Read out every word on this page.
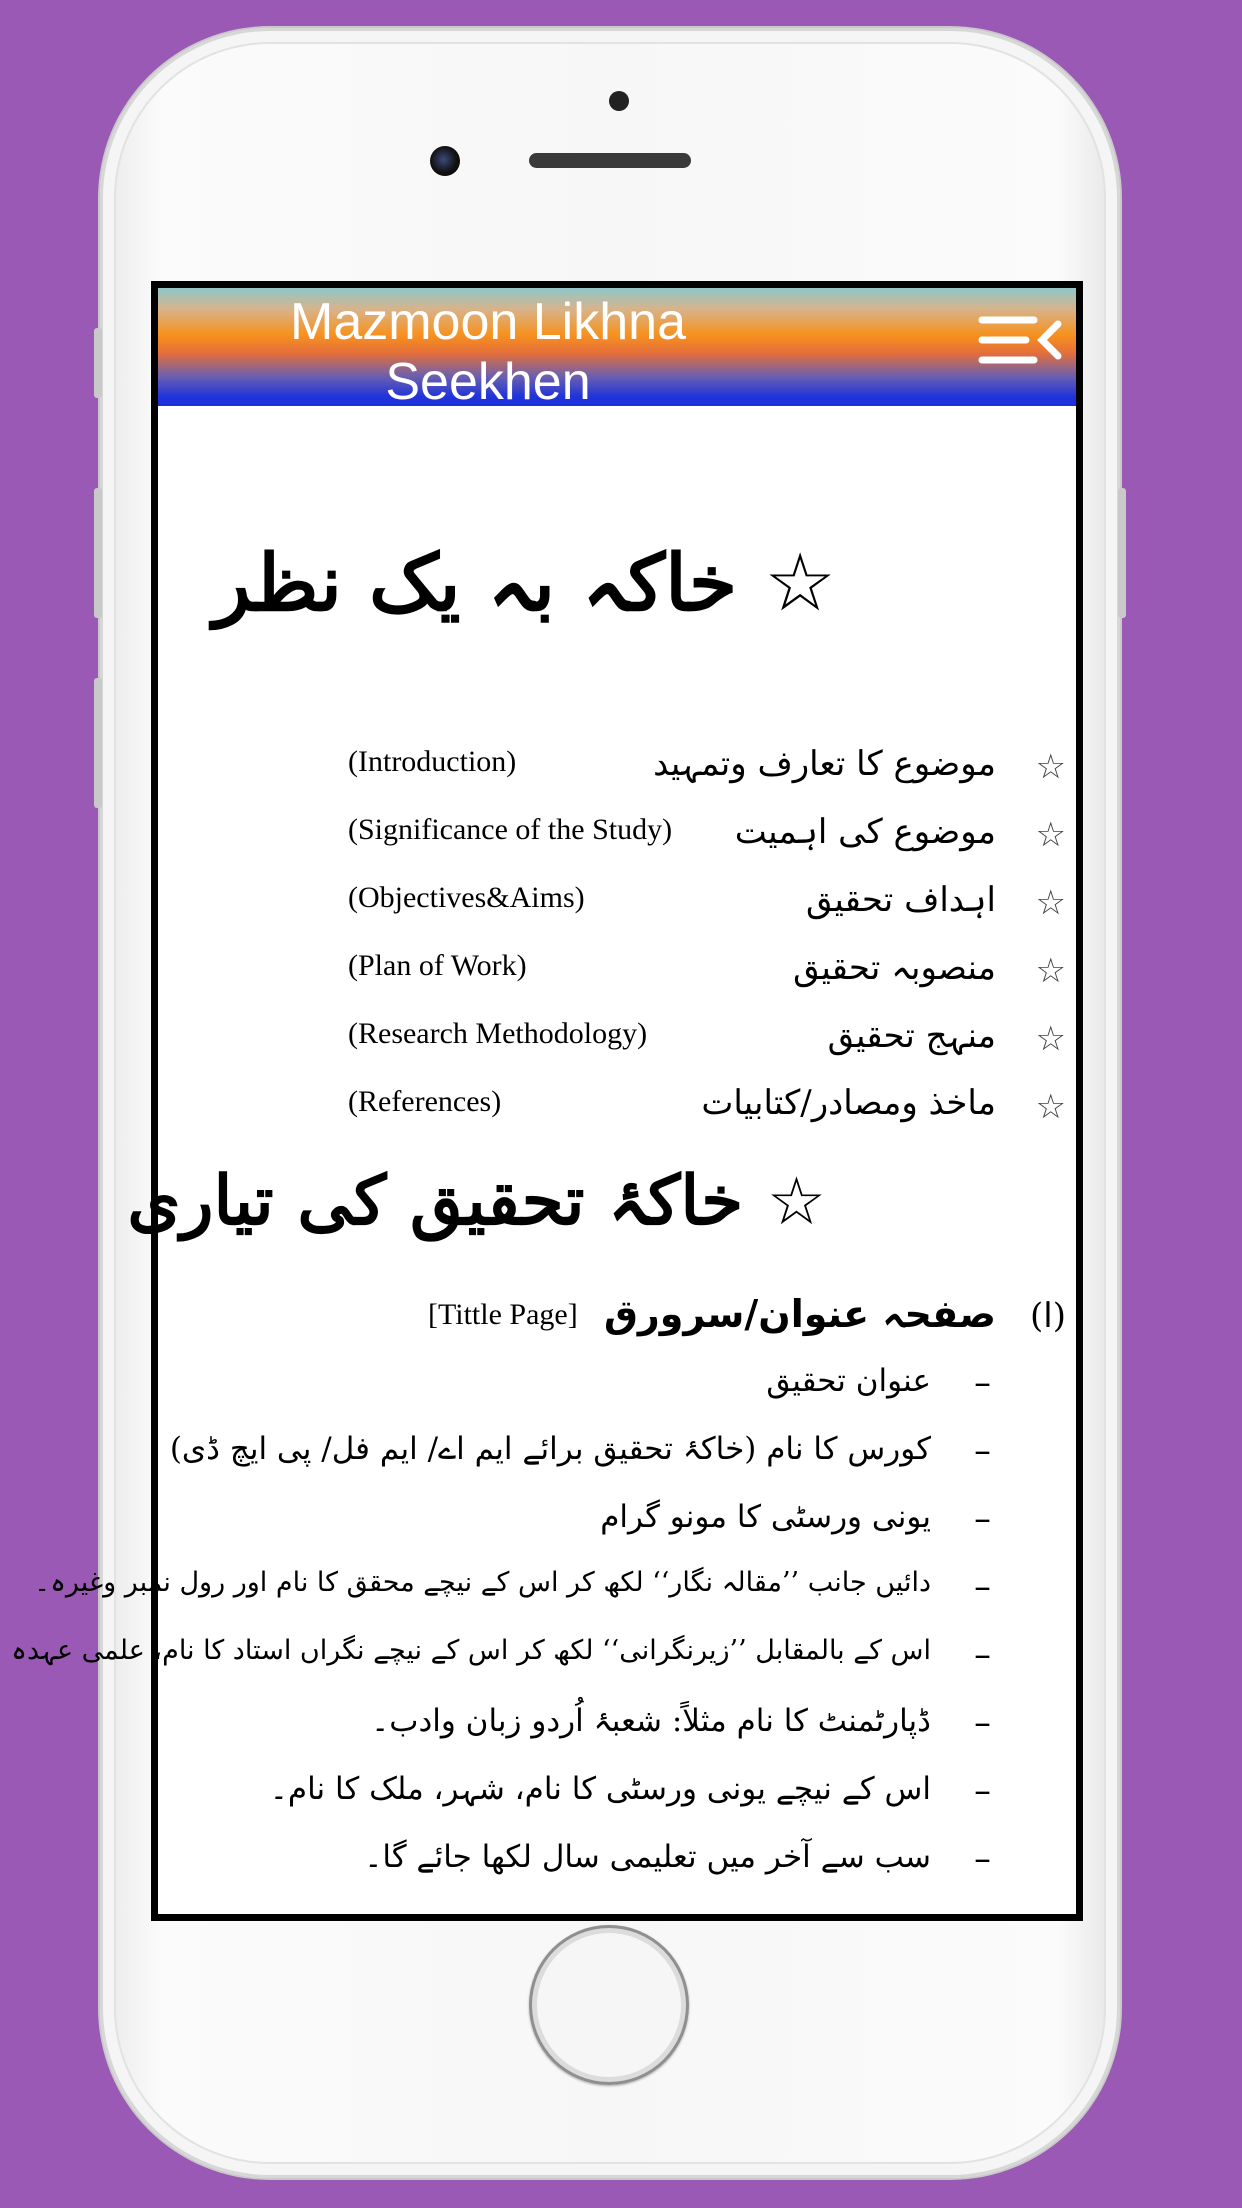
Mazmoon Likhna
Seekhen
☆ خاکہ بہ یک نظر
☆
موضوع کا تعارف وتمہید
(Introduction)
☆
موضوع کی اہمیت
(Significance of the Study)
☆
اہداف تحقیق
(Objectives&Aims)
☆
منصوبہ تحقیق
(Plan of Work)
☆
منہج تحقیق
(Research Methodology)
☆
ماخذ ومصادر/کتابیات
(References)
☆ خاکۂ تحقیق کی تیاری
(ا)
صفحہ عنوان/سرورق
[Tittle Page]
–
عنوان تحقیق
–
کورس کا نام (خاکۂ تحقیق برائے ایم اے/ ایم فل/ پی ایچ ڈی)
–
یونی ورسٹی کا مونو گرام
–
دائیں جانب ’’مقالہ نگار‘‘ لکھ کر اس کے نیچے محقق کا نام اور رول نمبر وغیرہ۔
–
اس کے بالمقابل ’’زیرنگرانی‘‘ لکھ کر اس کے نیچے نگراں استاد کا نام، علمی عہدہ
–
ڈپارٹمنٹ کا نام مثلاً: شعبۂ اُردو زبان وادب۔
–
اس کے نیچے یونی ورسٹی کا نام، شہر، ملک کا نام۔
–
سب سے آخر میں تعلیمی سال لکھا جائے گا۔
